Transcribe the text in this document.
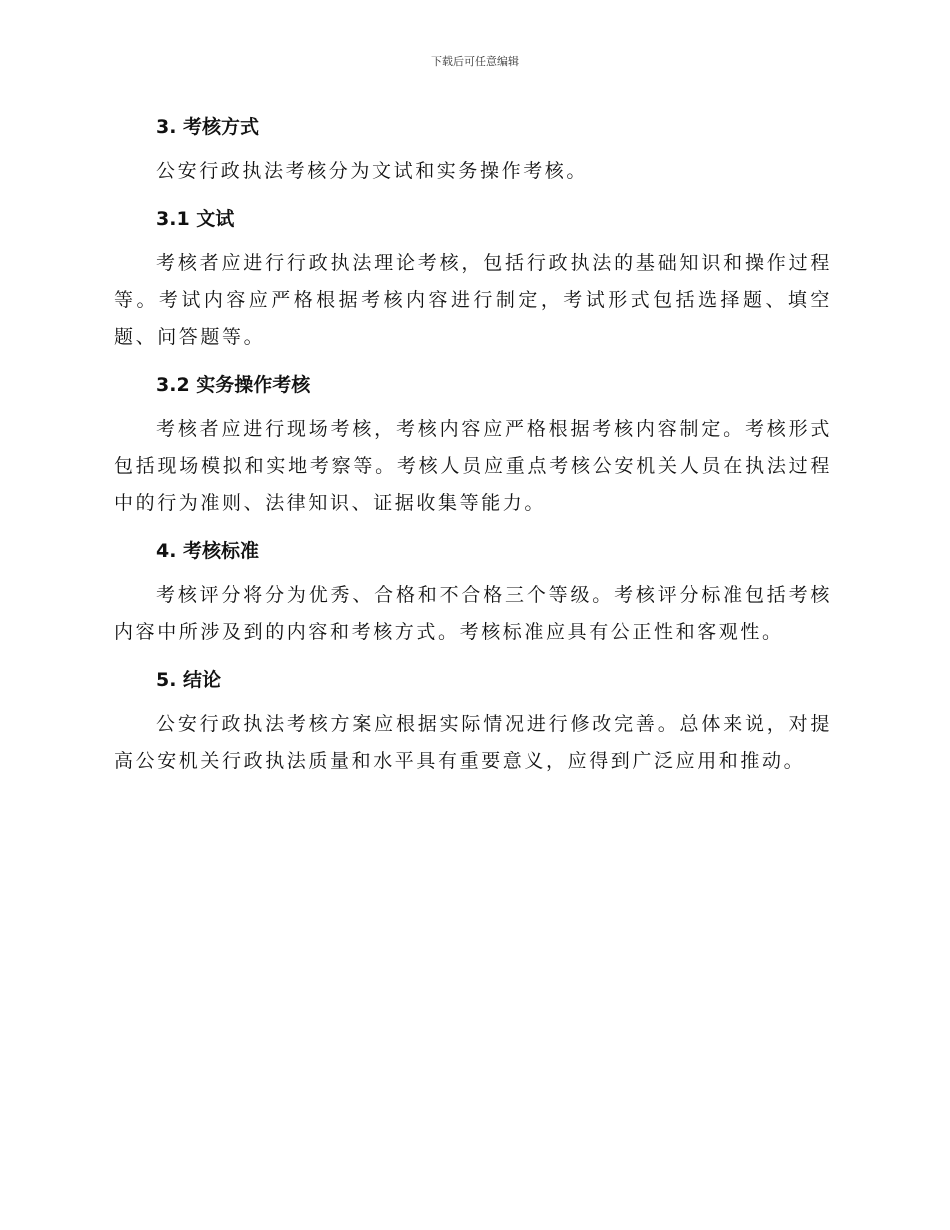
下载后可任意编辑
3. 考核方式

公安行政执法考核分为文试和实务操作考核。

3.1 文试

考核者应进行行政执法理论考核，包括行政执法的基础知识和操作过程等。考试内容应严格根据考核内容进行制定，考试形式包括选择题、填空题、问答题等。

3.2 实务操作考核

考核者应进行现场考核，考核内容应严格根据考核内容制定。考核形式包括现场模拟和实地考察等。考核人员应重点考核公安机关人员在执法过程中的行为准则、法律知识、证据收集等能力。

4. 考核标准

考核评分将分为优秀、合格和不合格三个等级。考核评分标准包括考核内容中所涉及到的内容和考核方式。考核标准应具有公正性和客观性。

5. 结论

公安行政执法考核方案应根据实际情况进行修改完善。总体来说，对提高公安机关行政执法质量和水平具有重要意义，应得到广泛应用和推动。
